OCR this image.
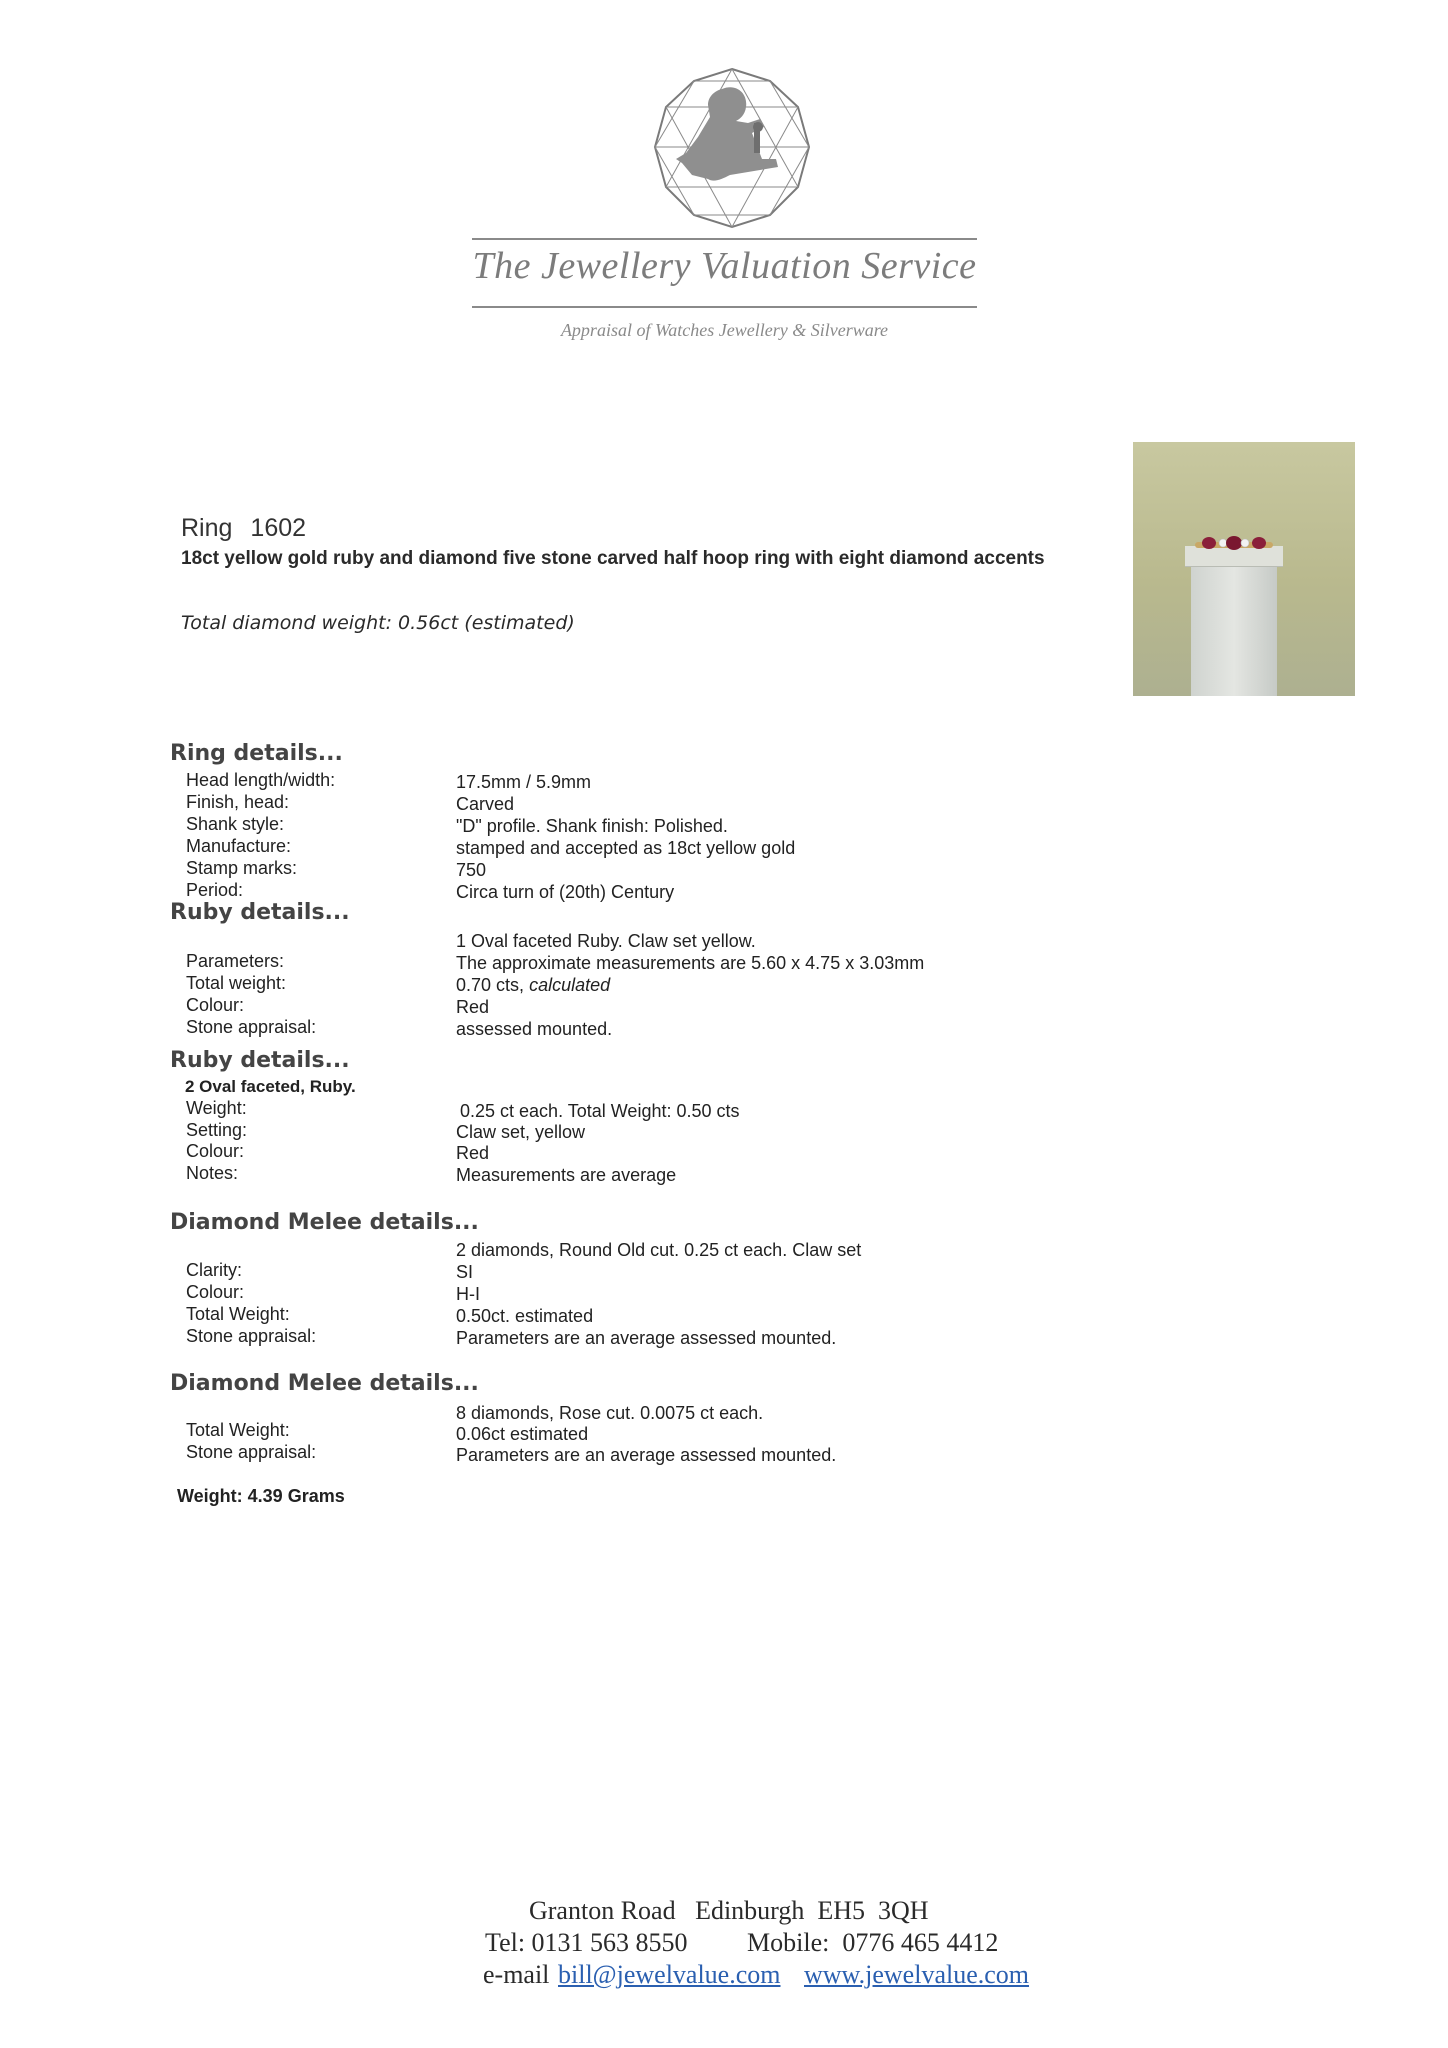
The Jewellery Valuation Service
Appraisal of Watches Jewellery & Silverware
Ring 1602
18ct yellow gold ruby and diamond five stone carved half hoop ring with eight diamond accents
Total diamond weight: 0.56ct (estimated)
Ring details...
Head length/width:	17.5mm / 5.9mm
Finish, head:	Carved
Shank style:	"D" profile. Shank finish: Polished.
Manufacture:	stamped and accepted as 18ct yellow gold
Stamp marks:	750
Period:	Circa turn of (20th) Century
Ruby details...
1 Oval faceted Ruby. Claw set yellow.
Parameters:	The approximate measurements are 5.60 x 4.75 x 3.03mm
Total weight:	0.70 cts, calculated
Colour:	Red
Stone appraisal:	assessed mounted.
Ruby details...
2 Oval faceted, Ruby.
Weight:	0.25 ct each. Total Weight: 0.50 cts
Setting:	Claw set, yellow
Colour:	Red
Notes:	Measurements are average
Diamond Melee details...
2 diamonds, Round Old cut. 0.25 ct each. Claw set
Clarity:	SI
Colour:	H-I
Total Weight:	0.50ct. estimated
Stone appraisal:	Parameters are an average assessed mounted.
Diamond Melee details...
8 diamonds, Rose cut. 0.0075 ct each.
Total Weight:	0.06ct estimated
Stone appraisal:	Parameters are an average assessed mounted.
Weight: 4.39 Grams
Granton Road   Edinburgh  EH5  3QH
Tel: 0131 563 8550 Mobile:  0776 465 4412
e-mail bill@jewelvalue.com www.jewelvalue.com
